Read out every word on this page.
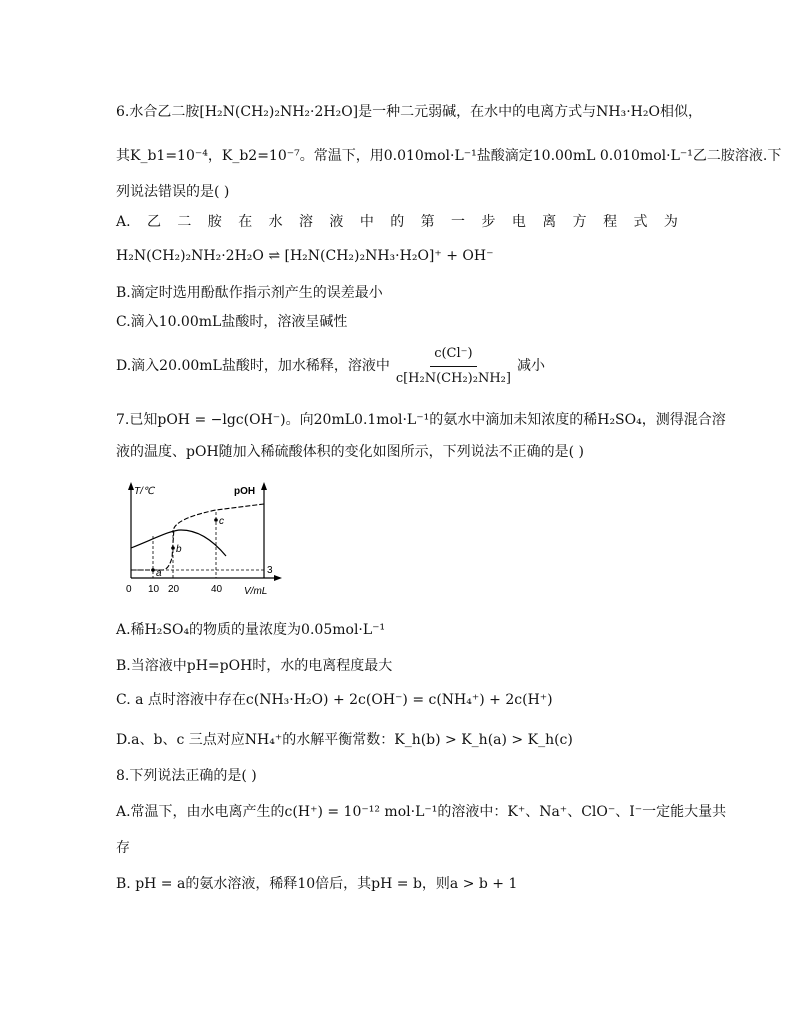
6.水合乙二胺[H₂N(CH₂)₂NH₂·2H₂O]是一种二元弱碱，在水中的电离方式与NH₃·H₂O相似，
其K_b1=10⁻⁴，K_b2=10⁻⁷。常温下，用0.010mol·L⁻¹盐酸滴定10.00mL 0.010mol·L⁻¹乙二胺溶液.下
列说法错误的是( )
A. 乙 二 胺 在 水 溶 液 中 的 第 一 步 电 离 方 程 式 为
H₂N(CH₂)₂NH₂·2H₂O ⇌ [H₂N(CH₂)₂NH₃·H₂O]⁺ + OH⁻
B.滴定时选用酚酞作指示剂产生的误差最小
C.滴入10.00mL盐酸时，溶液呈碱性
D.滴入20.00mL盐酸时，加水稀释，溶液中 $\frac{c(Cl^-)}{\text{c[H₂N(CH₂)₂NH₂]}}$ 减小
7.已知pOH = −lgc(OH⁻)。向20mL0.1mol·L⁻¹的氨水中滴加未知浓度的稀H₂SO₄，测得混合溶
液的温度、pOH随加入稀硫酸体积的变化如图所示，下列说法不正确的是( )
T/℃	pOH
V/mL
0 10 20	40
3
a
b
c
A.稀H₂SO₄的物质的量浓度为0.05mol·L⁻¹
B.当溶液中pH=pOH时，水的电离程度最大
C. a 点时溶液中存在c(NH₃·H₂O) + 2c(OH⁻) = c(NH₄⁺) + 2c(H⁺)
D.a、b、c 三点对应NH₄⁺的水解平衡常数：K_h(b) > K_h(a) > K_h(c)
8.下列说法正确的是( )
A.常温下，由水电离产生的c(H⁺) = 10⁻¹² mol·L⁻¹的溶液中：K⁺、Na⁺、ClO⁻、I⁻一定能大量共
存
B. pH = a的氨水溶液，稀释10倍后，其pH = b，则a > b + 1
